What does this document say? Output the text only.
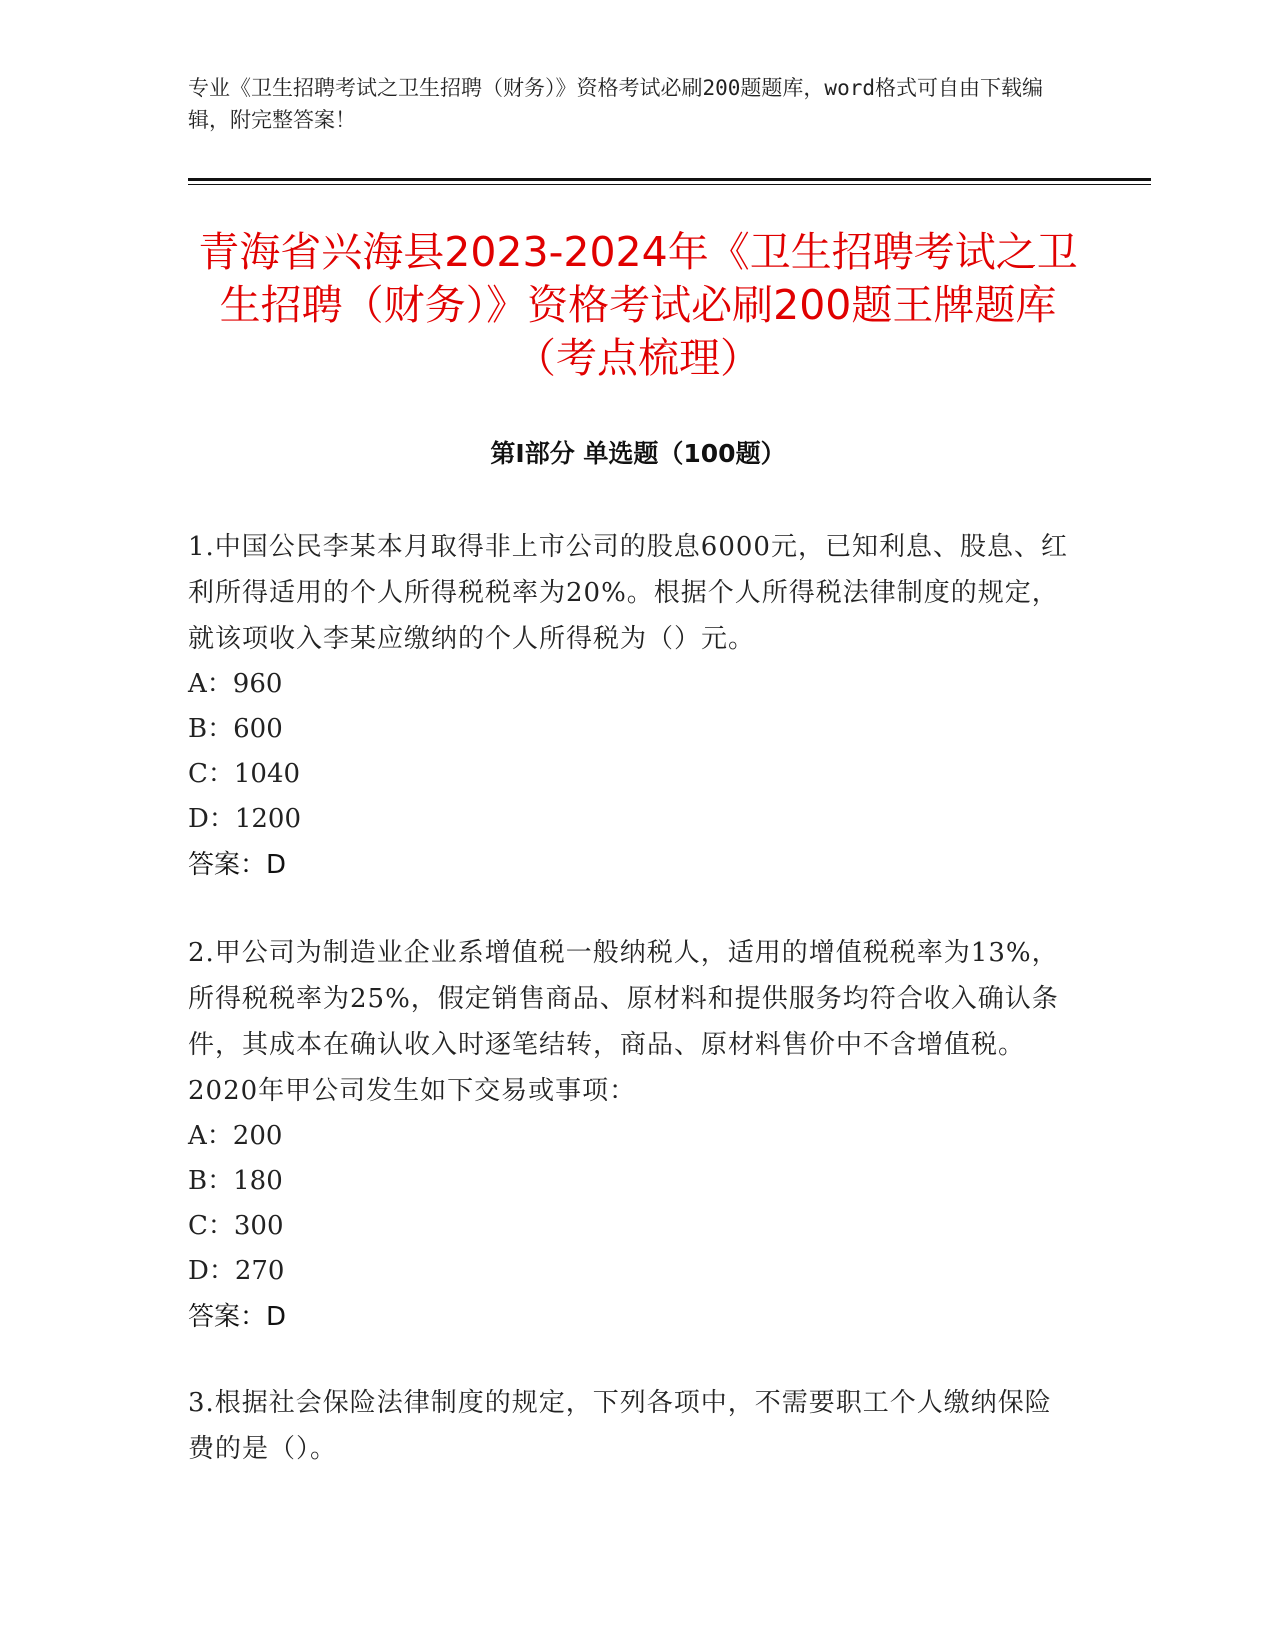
专业《卫生招聘考试之卫生招聘（财务）》资格考试必刷200题题库，word格式可自由下载编辑，附完整答案！
青海省兴海县2023-2024年《卫生招聘考试之卫生招聘（财务）》资格考试必刷200题王牌题库（考点梳理）
第Ⅰ部分 单选题（100题）
1.中国公民李某本月取得非上市公司的股息6000元，已知利息、股息、红利所得适用的个人所得税税率为20%。根据个人所得税法律制度的规定，就该项收入李某应缴纳的个人所得税为（）元。
A：960
B：600
C：1040
D：1200
答案：D
2.甲公司为制造业企业系增值税一般纳税人，适用的增值税税率为13%，所得税税率为25%，假定销售商品、原材料和提供服务均符合收入确认条件，其成本在确认收入时逐笔结转，商品、原材料售价中不含增值税。2020年甲公司发生如下交易或事项：
A：200
B：180
C：300
D：270
答案：D
3.根据社会保险法律制度的规定，下列各项中，不需要职工个人缴纳保险费的是（）。
